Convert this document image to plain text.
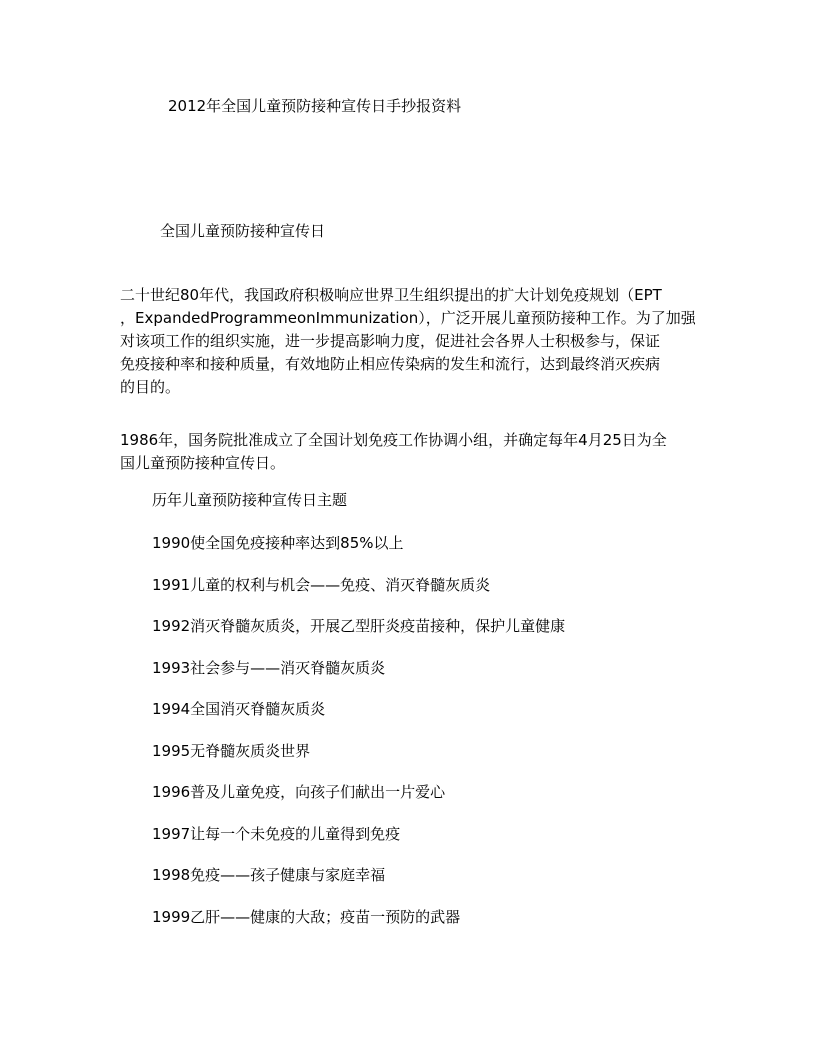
2012年全国儿童预防接种宣传日手抄报资料
全国儿童预防接种宣传日
二十世纪80年代，我国政府积极响应世界卫生组织提出的扩大计划免疫规划（EPT
，ExpandedProgrammeonImmunization），广泛开展儿童预防接种工作。为了加强
对该项工作的组织实施，进一步提高影响力度，促进社会各界人士积极参与，保证
免疫接种率和接种质量，有效地防止相应传染病的发生和流行，达到最终消灭疾病
的目的。
1986年，国务院批准成立了全国计划免疫工作协调小组，并确定每年4月25日为全
国儿童预防接种宣传日。
历年儿童预防接种宣传日主题
1990使全国免疫接种率达到85%以上
1991儿童的权利与机会——免疫、消灭脊髓灰质炎
1992消灭脊髓灰质炎，开展乙型肝炎疫苗接种，保护儿童健康
1993社会参与——消灭脊髓灰质炎
1994全国消灭脊髓灰质炎
1995无脊髓灰质炎世界
1996普及儿童免疫，向孩子们献出一片爱心
1997让每一个未免疫的儿童得到免疫
1998免疫——孩子健康与家庭幸福
1999乙肝——健康的大敌；疫苗一预防的武器
